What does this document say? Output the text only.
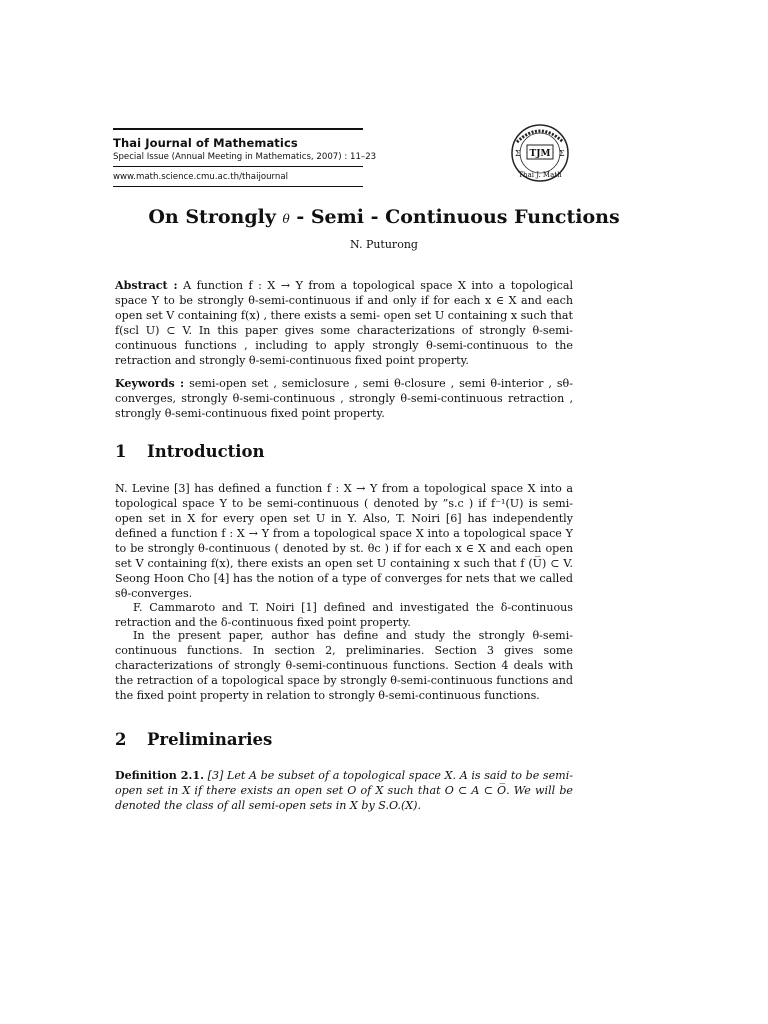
Thai Journal of Mathematics
Special Issue (Annual Meeting in Mathematics, 2007) : 11–23
www.math.science.cmu.ac.th/thaijournal
TJM
Thai J. Math
Σ	Σ
On Strongly θ - Semi - Continuous Functions
N. Puturong
Abstract : A function f : X → Y from a topological space X into a topological space Y to be strongly θ-semi-continuous if and only if for each x ∈ X and each open set V containing f(x) , there exists a semi- open set U containing x such that f(scl U) ⊂ V. In this paper gives some characterizations of strongly θ-semi-continuous functions , including to apply strongly θ-semi-continuous to the retraction and strongly θ-semi-continuous fixed point property.
Keywords : semi-open set , semiclosure , semi θ-closure , semi θ-interior , sθ-converges, strongly θ-semi-continuous , strongly θ-semi-continuous retraction , strongly θ-semi-continuous fixed point property.
1 Introduction
N. Levine [3] has defined a function f : X → Y from a topological space X into a topological space Y to be semi-continuous ( denoted by ”s.c ) if f⁻¹(U) is semi-open set in X for every open set U in Y. Also, T. Noiri [6] has independently defined a function f : X → Y from a topological space X into a topological space Y to be strongly θ-continuous ( denoted by st. θc ) if for each x ∈ X and each open set V containing f(x), there exists an open set U containing x such that f (U̅) ⊂ V. Seong Hoon Cho [4] has the notion of a type of converges for nets that we called sθ-converges.
F. Cammaroto and T. Noiri [1] defined and investigated the δ-continuous retraction and the δ-continuous fixed point property.
In the present paper, author has define and study the strongly θ-semi-continuous functions. In section 2, preliminaries. Section 3 gives some characterizations of strongly θ-semi-continuous functions. Section 4 deals with the retraction of a topological space by strongly θ-semi-continuous functions and the fixed point property in relation to strongly θ-semi-continuous functions.
2 Preliminaries
Definition 2.1. [3] Let A be subset of a topological space X. A is said to be semi-open set in X if there exists an open set O of X such that O ⊂ A ⊂ O̅. We will be denoted the class of all semi-open sets in X by S.O.(X).
